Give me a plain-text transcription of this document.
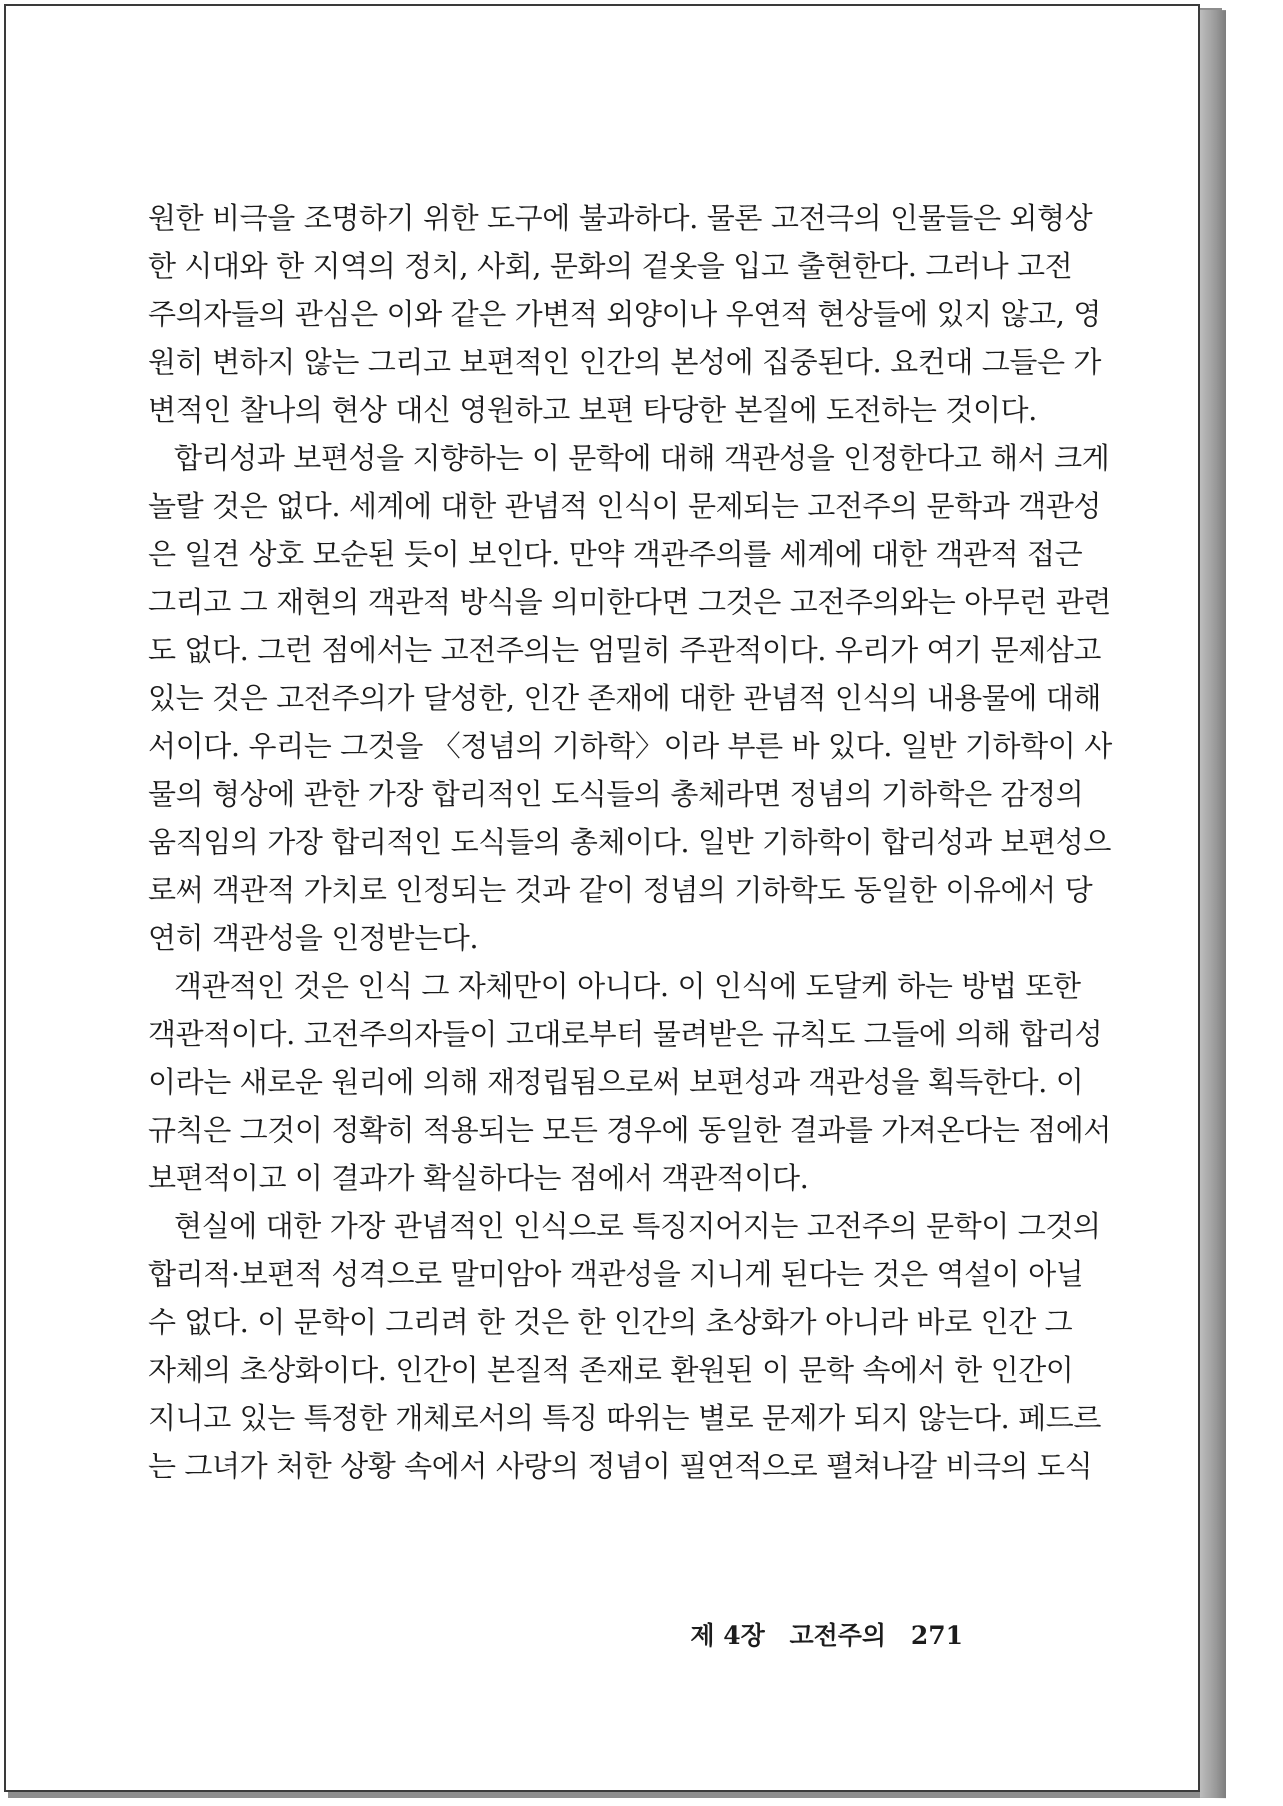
원한 비극을 조명하기 위한 도구에 불과하다. 물론 고전극의 인물들은 외형상
한 시대와 한 지역의 정치, 사회, 문화의 겉옷을 입고 출현한다. 그러나 고전
주의자들의 관심은 이와 같은 가변적 외양이나 우연적 현상들에 있지 않고, 영
원히 변하지 않는 그리고 보편적인 인간의 본성에 집중된다. 요컨대 그들은 가
변적인 찰나의 현상 대신 영원하고 보편 타당한 본질에 도전하는 것이다.
합리성과 보편성을 지향하는 이 문학에 대해 객관성을 인정한다고 해서 크게
놀랄 것은 없다. 세계에 대한 관념적 인식이 문제되는 고전주의 문학과 객관성
은 일견 상호 모순된 듯이 보인다. 만약 객관주의를 세계에 대한 객관적 접근
그리고 그 재현의 객관적 방식을 의미한다면 그것은 고전주의와는 아무런 관련
도 없다. 그런 점에서는 고전주의는 엄밀히 주관적이다. 우리가 여기 문제삼고
있는 것은 고전주의가 달성한, 인간 존재에 대한 관념적 인식의 내용물에 대해
서이다. 우리는 그것을 〈정념의 기하학〉이라 부른 바 있다. 일반 기하학이 사
물의 형상에 관한 가장 합리적인 도식들의 총체라면 정념의 기하학은 감정의
움직임의 가장 합리적인 도식들의 총체이다. 일반 기하학이 합리성과 보편성으
로써 객관적 가치로 인정되는 것과 같이 정념의 기하학도 동일한 이유에서 당
연히 객관성을 인정받는다.
객관적인 것은 인식 그 자체만이 아니다. 이 인식에 도달케 하는 방법 또한
객관적이다. 고전주의자들이 고대로부터 물려받은 규칙도 그들에 의해 합리성
이라는 새로운 원리에 의해 재정립됨으로써 보편성과 객관성을 획득한다. 이
규칙은 그것이 정확히 적용되는 모든 경우에 동일한 결과를 가져온다는 점에서
보편적이고 이 결과가 확실하다는 점에서 객관적이다.
현실에 대한 가장 관념적인 인식으로 특징지어지는 고전주의 문학이 그것의
합리적·보편적 성격으로 말미암아 객관성을 지니게 된다는 것은 역설이 아닐
수 없다. 이 문학이 그리려 한 것은 한 인간의 초상화가 아니라 바로 인간 그
자체의 초상화이다. 인간이 본질적 존재로 환원된 이 문학 속에서 한 인간이
지니고 있는 특정한 개체로서의 특징 따위는 별로 문제가 되지 않는다. 페드르
는 그녀가 처한 상황 속에서 사랑의 정념이 필연적으로 펼쳐나갈 비극의 도식
제 4장 고전주의 271
